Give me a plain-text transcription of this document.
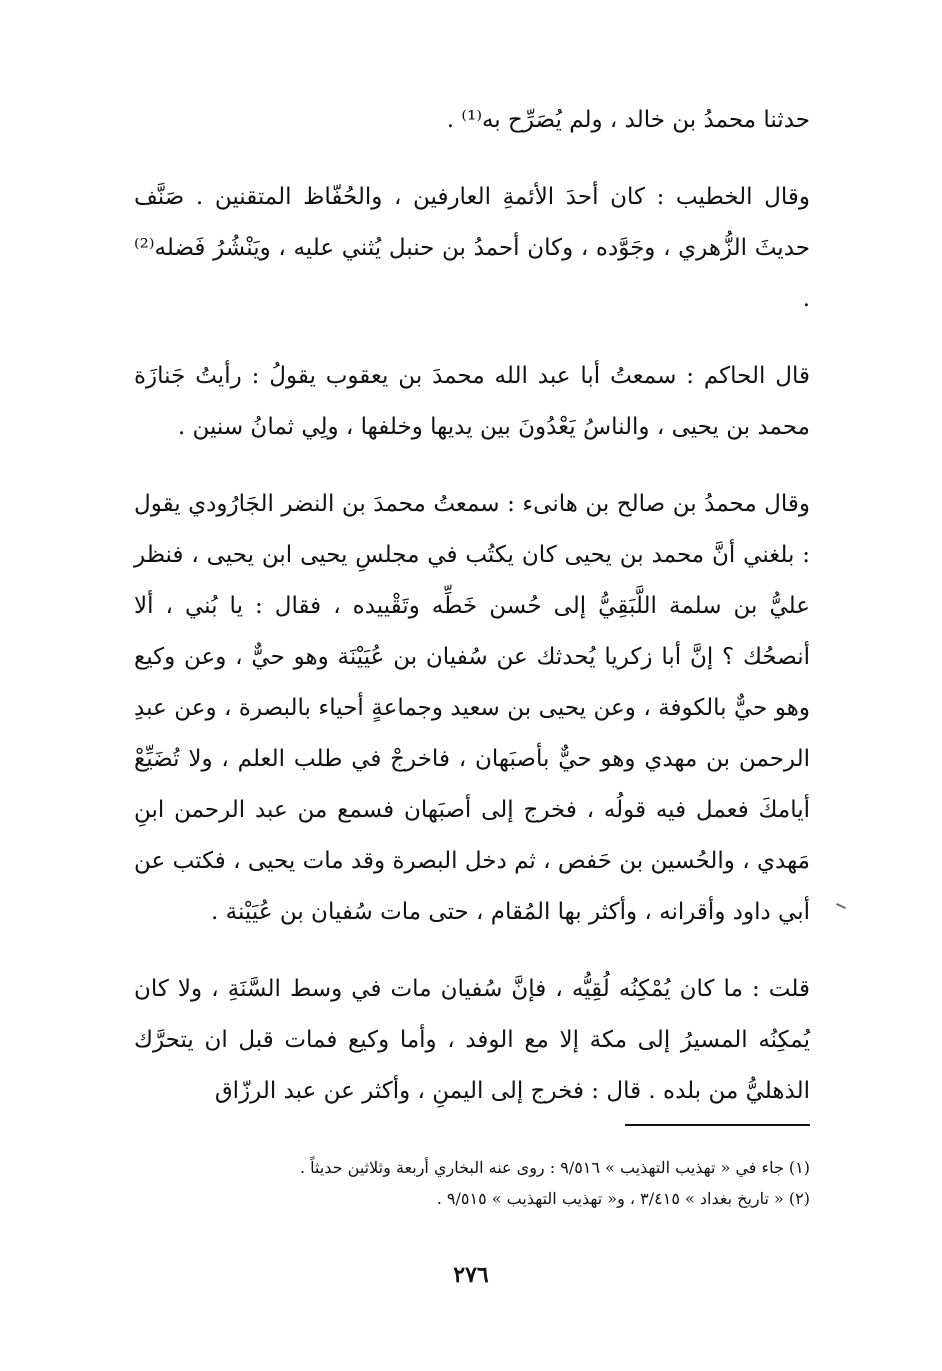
حدثنا محمدُ بن خالد ، ولم يُصَرِّح به⁽¹⁾ .

وقال الخطيب : كان أحدَ الأئمةِ العارفين ، والحُفّاظ المتقنين . صَنَّف حديثَ الزُّهري ، وجَوَّده ، وكان أحمدُ بن حنبل يُثني عليه ، ويَنْشُرُ فَضله⁽²⁾ .

قال الحاكم : سمعتُ أبا عبد الله محمدَ بن يعقوب يقولُ : رأيتُ جَنازَة محمد بن يحيى ، والناسُ يَعْدُونَ بين يديها وخلفها ، ولِي ثمانُ سنين .

وقال محمدُ بن صالح بن هانىء : سمعتُ محمدَ بن النضر الجَارُودي يقول : بلغني أنَّ محمد بن يحيى كان يكتُب في مجلسِ يحيى ابن يحيى ، فنظر عليُّ بن سلمة اللَّبَقِيُّ إلى حُسن خَطِّه وتَقْييده ، فقال : يا بُني ، ألا أنصحُك ؟ إنَّ أبا زكريا يُحدثك عن سُفيان بن عُيَيْنَة وهو حيٌّ ، وعن وكيع وهو حيٌّ بالكوفة ، وعن يحيى بن سعيد وجماعةٍ أحياء بالبصرة ، وعن عبدِ الرحمن بن مهدي وهو حيٌّ بأصبَهان ، فاخرجْ في طلب العلم ، ولا تُضَيِّعْ أيامكَ فعمل فيه قولُه ، فخرج إلى أصبَهان فسمع من عبد الرحمن ابنِ مَهدي ، والحُسين بن حَفص ، ثم دخل البصرة وقد مات يحيى ، فكتب عن أبي داود وأقرانه ، وأكثر بها المُقام ، حتى مات سُفيان بن عُيَيْنة .

قلت : ما كان يُمْكِنُه لُقِيُّه ، فإنَّ سُفيان مات في وسط السَّنَةِ ، ولا كان يُمكِنُه المسيرُ إلى مكة إلا مع الوفد ، وأما وكيع فمات قبل ان يتحرَّك الذهليُّ من بلده . قال : فخرج إلى اليمنِ ، وأكثر عن عبد الرزّاق

(١) جاء في « تهذيب التهذيب » ٩/٥١٦ : روى عنه البخاري أربعة وثلاثين حديثاً .

(٢) « تاريخ بغداد » ٣/٤١٥ ، و« تهذيب التهذيب » ٩/٥١٥ .

٢٧٦
